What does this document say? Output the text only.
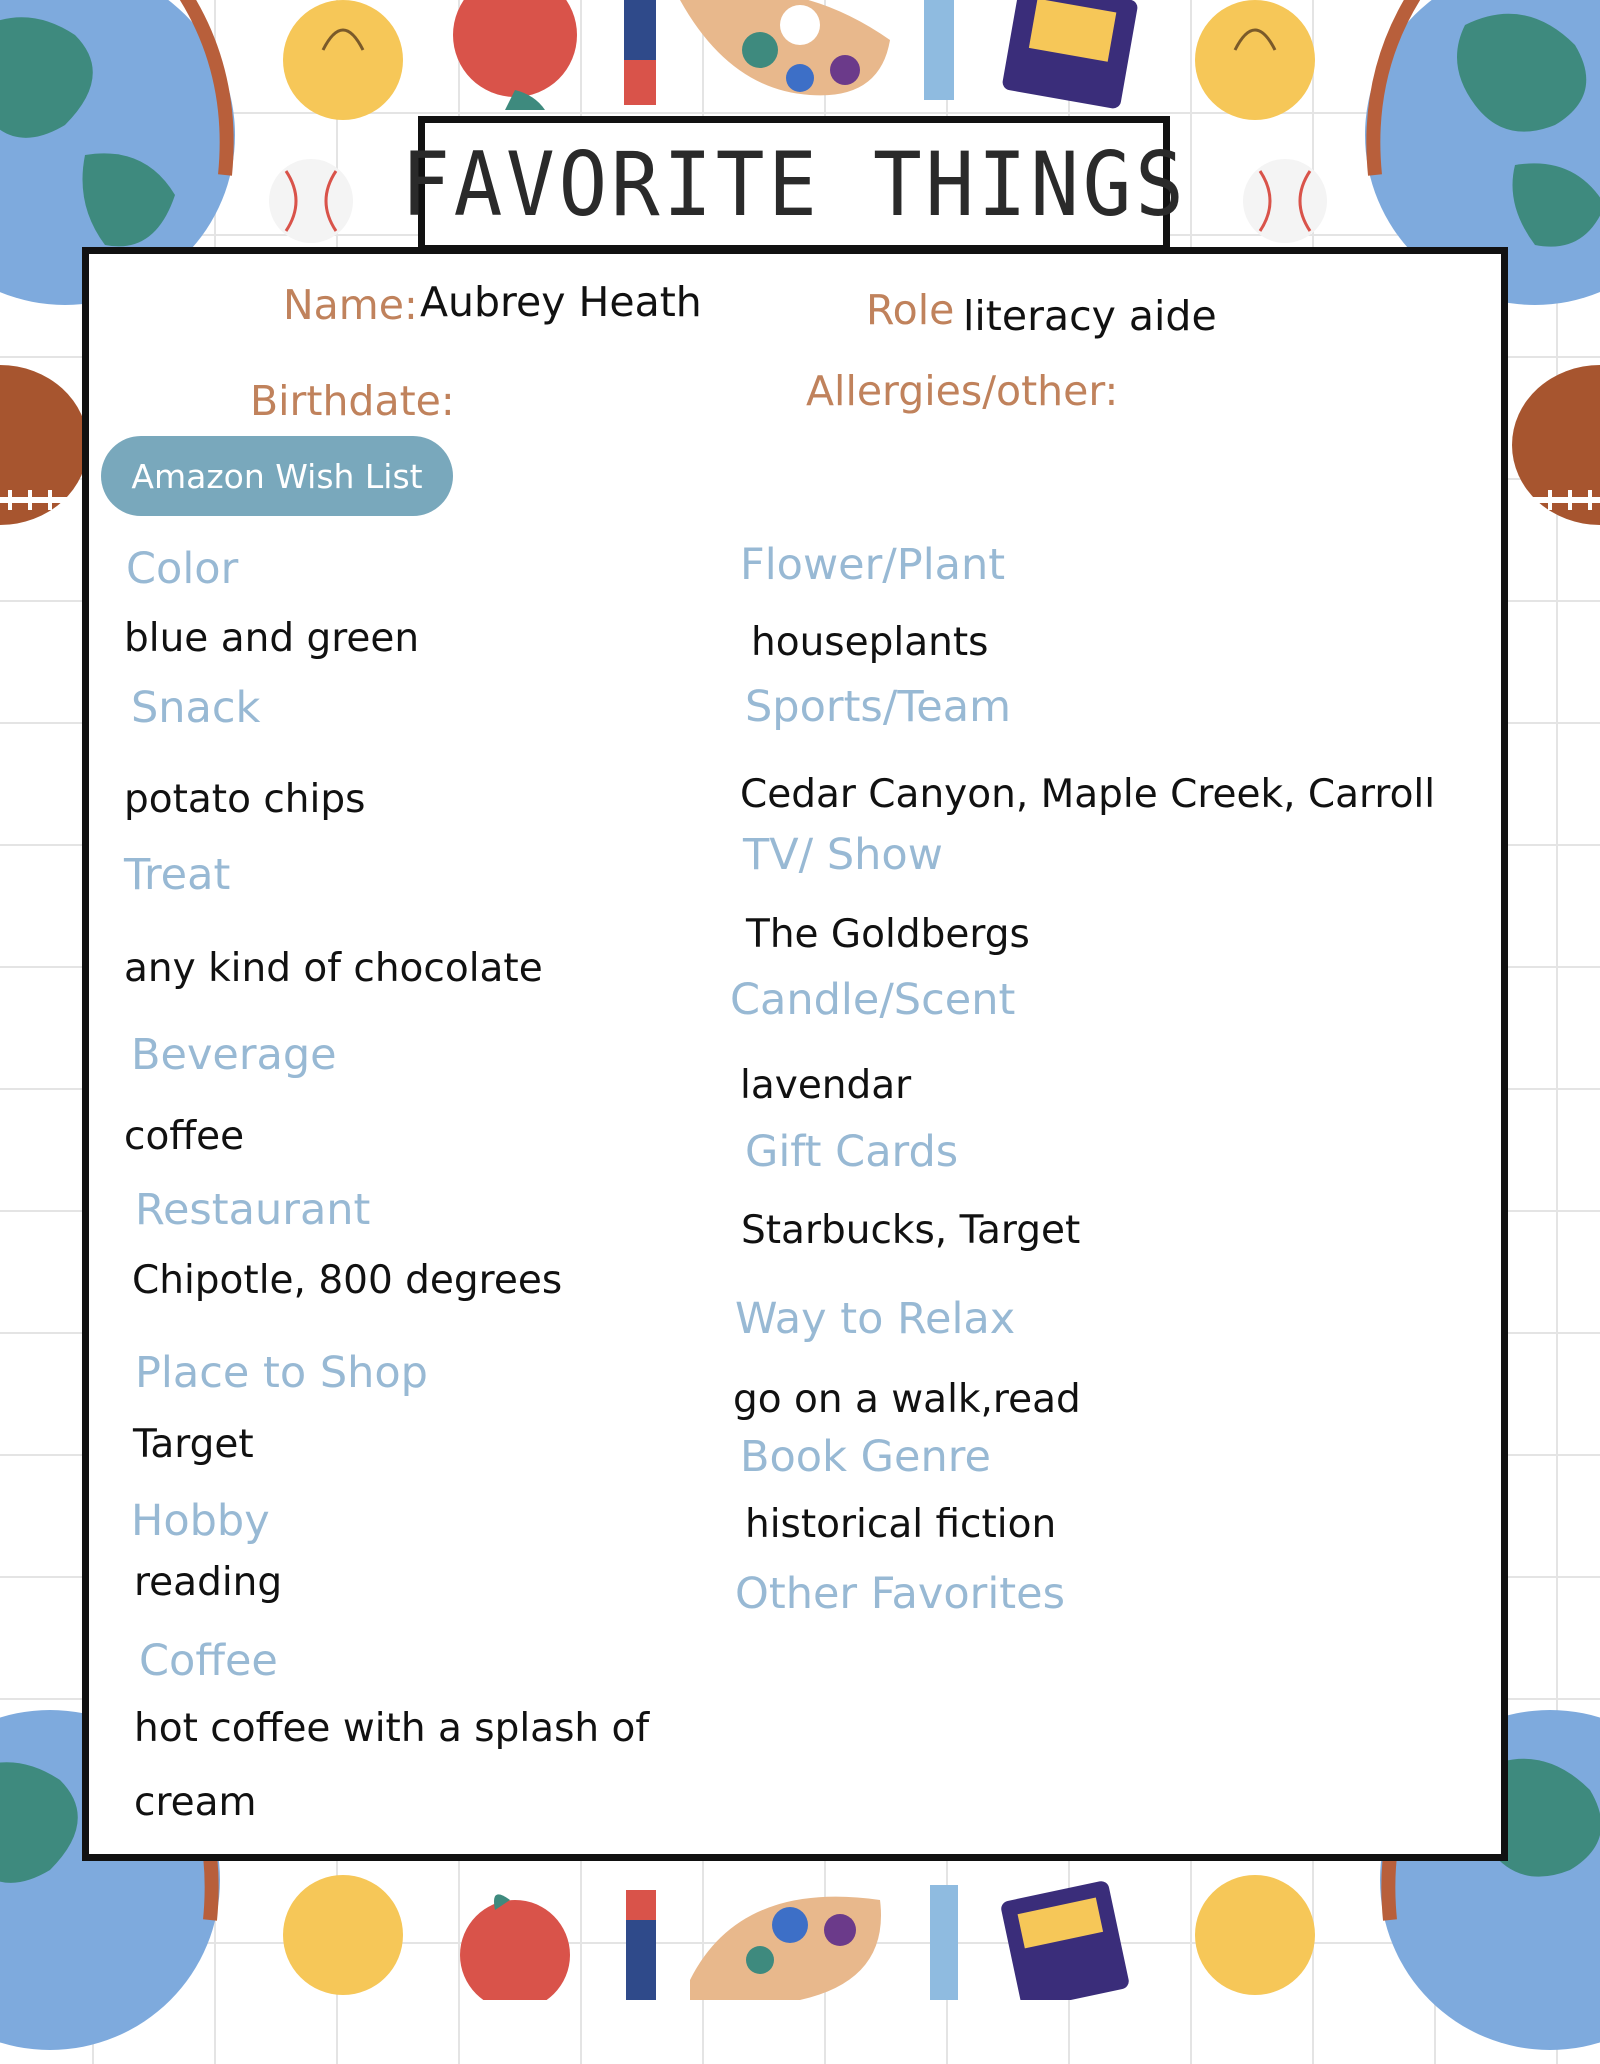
FAVORITE THINGS
Name: Aubrey Heath	Role literacy aide
Birthdate:	Allergies/other:
Amazon Wish List
Color
blue and green
Snack
potato chips
Treat
any kind of chocolate
Beverage
coffee
Restaurant
Chipotle, 800 degrees
Place to Shop
Target
Hobby
reading
Coffee
hot coffee with a splash of
cream
Flower/Plant
houseplants
Sports/Team
Cedar Canyon, Maple Creek, Carroll
TV/ Show
The Goldbergs
Candle/Scent
lavendar
Gift Cards
Starbucks, Target
Way to Relax
go on a walk,read
Book Genre
historical fiction
Other Favorites
